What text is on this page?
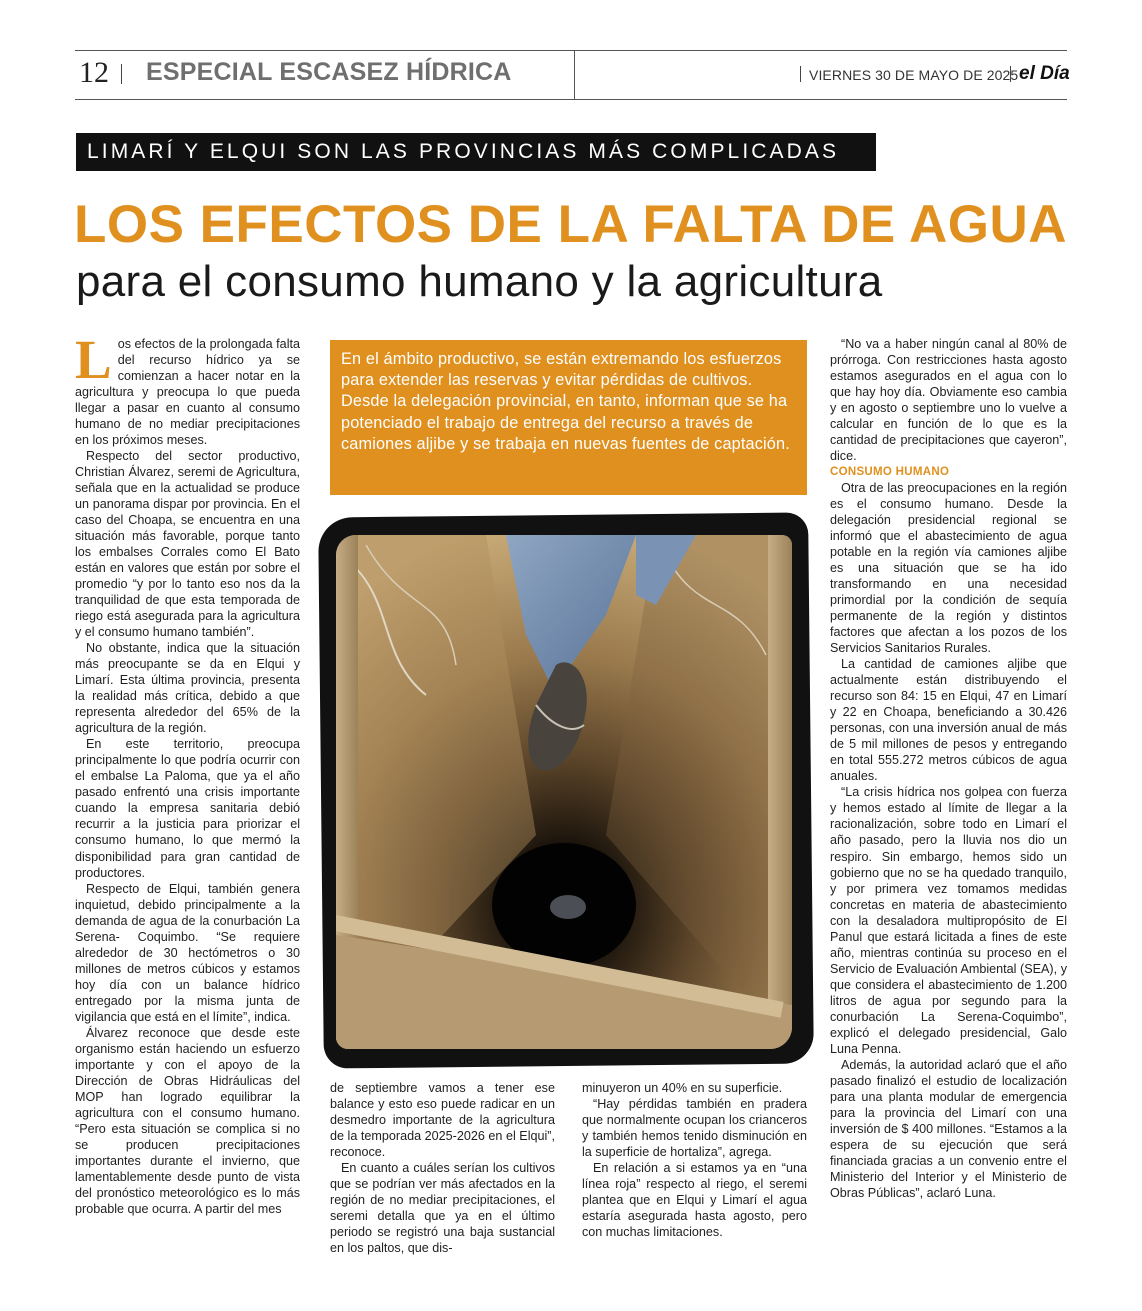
12 ESPECIAL ESCASEZ HÍDRICA	VIERNES 30 DE MAYO DE 2025 el Día
LIMARÍ Y ELQUI SON LAS PROVINCIAS MÁS COMPLICADAS
LOS EFECTOS DE LA FALTA DE AGUA
para el consumo humano y la agricultura

Los efectos de la prolongada falta del recurso hídrico ya se comienzan a hacer notar en la agricultura y preocupa lo que pueda llegar a pasar en cuanto al consumo humano de no mediar precipitaciones en los próximos meses.

Respecto del sector productivo, Christian Álvarez, seremi de Agricultura, señala que en la actualidad se produce un panorama dispar por provincia. En el caso del Choapa, se encuentra en una situación más favorable, porque tanto los embalses Corrales como El Bato están en valores que están por sobre el promedio “y por lo tanto eso nos da la tranquilidad de que esta temporada de riego está asegurada para la agricultura y el consumo humano también”.

No obstante, indica que la situación más preocupante se da en Elqui y Limarí. Esta última provincia, presenta la realidad más crítica, debido a que representa alrededor del 65% de la agricultura de la región.

En este territorio, preocupa principalmente lo que podría ocurrir con el embalse La Paloma, que ya el año pasado enfrentó una crisis importante cuando la empresa sanitaria debió recurrir a la justicia para priorizar el consumo humano, lo que mermó la disponibilidad para gran cantidad de productores.

Respecto de Elqui, también genera inquietud, debido principalmente a la demanda de agua de la conurbación La Serena- Coquimbo. “Se requiere alrededor de 30 hectómetros o 30 millones de metros cúbicos y estamos hoy día con un balance hídrico entregado por la misma junta de vigilancia que está en el límite”, indica.

Álvarez reconoce que desde este organismo están haciendo un esfuerzo importante y con el apoyo de la Dirección de Obras Hidráulicas del MOP han logrado equilibrar la agricultura con el consumo humano. “Pero esta situación se complica si no se producen precipitaciones importantes durante el invierno, que lamentablemente desde punto de vista del pronóstico meteorológico es lo más probable que ocurra. A partir del mes

En el ámbito productivo, se están extremando los esfuerzos para extender las reservas y evitar pérdidas de cultivos. Desde la delegación provincial, en tanto, informan que se ha potenciado el trabajo de entrega del recurso a través de camiones aljibe y se trabaja en nuevas fuentes de captación.

de septiembre vamos a tener ese balance y esto eso puede radicar en un desmedro importante de la agricultura de la temporada 2025-2026 en el Elqui”, reconoce.

En cuanto a cuáles serían los cultivos que se podrían ver más afectados en la región de no mediar precipitaciones, el seremi detalla que ya en el último periodo se registró una baja sustancial en los paltos, que dis-

minuyeron un 40% en su superficie.

“Hay pérdidas también en pradera que normalmente ocupan los crianceros y también hemos tenido disminución en la superficie de hortaliza”, agrega.

En relación a si estamos ya en “una línea roja” respecto al riego, el seremi plantea que en Elqui y Limarí el agua estaría asegurada hasta agosto, pero con muchas limitaciones.

“No va a haber ningún canal al 80% de prórroga. Con restricciones hasta agosto estamos asegurados en el agua con lo que hay hoy día. Obviamente eso cambia y en agosto o septiembre uno lo vuelve a calcular en función de lo que es la cantidad de precipitaciones que cayeron”, dice.

CONSUMO HUMANO

Otra de las preocupaciones en la región es el consumo humano. Desde la delegación presidencial regional se informó que el abastecimiento de agua potable en la región vía camiones aljibe es una situación que se ha ido transformando en una necesidad primordial por la condición de sequía permanente de la región y distintos factores que afectan a los pozos de los Servicios Sanitarios Rurales.

La cantidad de camiones aljibe que actualmente están distribuyendo el recurso son 84: 15 en Elqui, 47 en Limarí y 22 en Choapa, beneficiando a 30.426 personas, con una inversión anual de más de 5 mil millones de pesos y entregando en total 555.272 metros cúbicos de agua anuales.

“La crisis hídrica nos golpea con fuerza y hemos estado al límite de llegar a la racionalización, sobre todo en Limarí el año pasado, pero la lluvia nos dio un respiro. Sin embargo, hemos sido un gobierno que no se ha quedado tranquilo, y por primera vez tomamos medidas concretas en materia de abastecimiento con la desaladora multipropósito de El Panul que estará licitada a fines de este año, mientras continúa su proceso en el Servicio de Evaluación Ambiental (SEA), y que considera el abastecimiento de 1.200 litros de agua por segundo para la conurbación La Serena-Coquimbo”, explicó el delegado presidencial, Galo Luna Penna.

Además, la autoridad aclaró que el año pasado finalizó el estudio de localización para una planta modular de emergencia para la provincia del Limarí con una inversión de $ 400 millones. “Estamos a la espera de su ejecución que será financiada gracias a un convenio entre el Ministerio del Interior y el Ministerio de Obras Públicas”, aclaró Luna.
